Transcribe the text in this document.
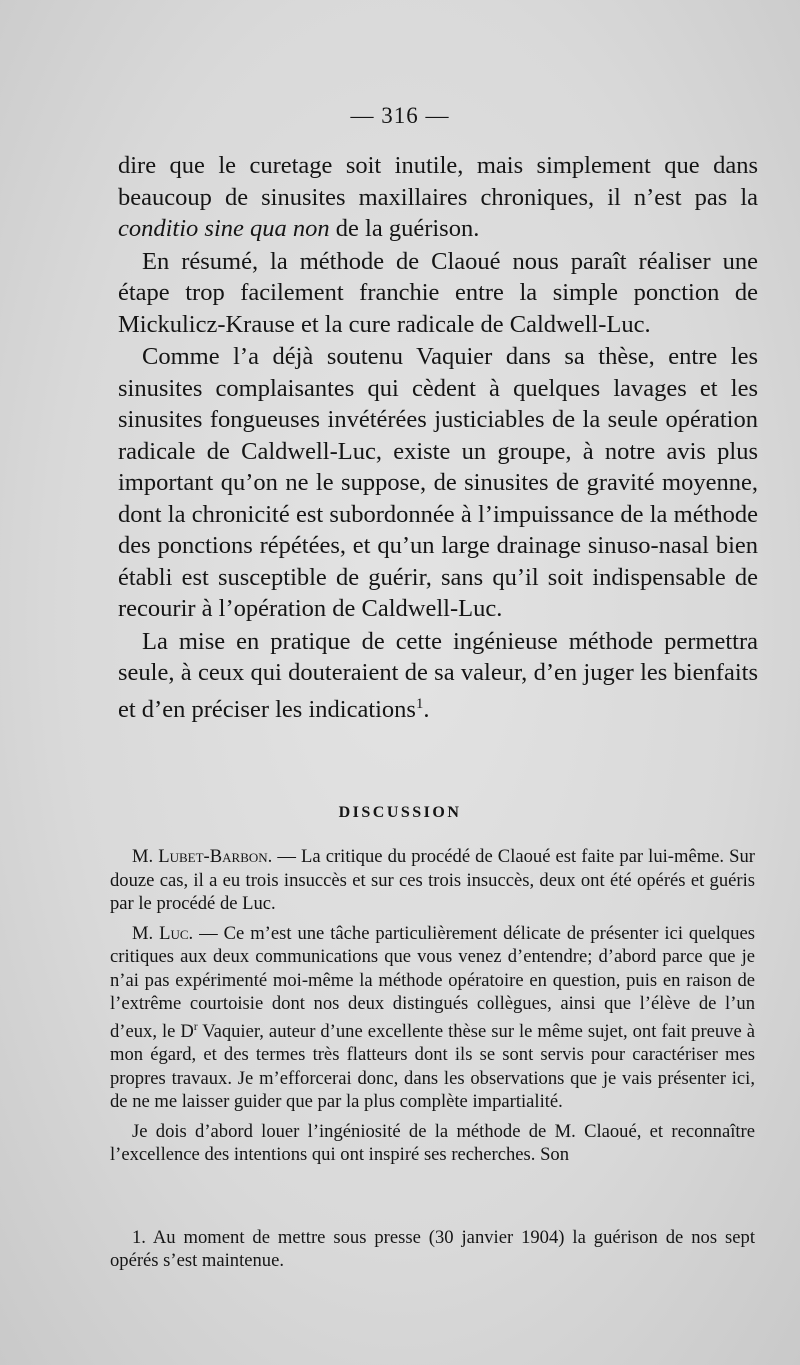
— 316 —

dire que le curetage soit inutile, mais simplement que dans beaucoup de sinusites maxillaires chroniques, il n’est pas la conditio sine qua non de la guérison.

En résumé, la méthode de Claoué nous paraît réaliser une étape trop facilement franchie entre la simple ponction de Mickulicz-Krause et la cure radicale de Caldwell-Luc.

Comme l’a déjà soutenu Vaquier dans sa thèse, entre les sinusites complaisantes qui cèdent à quelques lavages et les sinusites fongueuses invétérées justiciables de la seule opération radicale de Caldwell-Luc, existe un groupe, à notre avis plus important qu’on ne le suppose, de sinusites de gravité moyenne, dont la chronicité est subordonnée à l’impuissance de la méthode des ponctions répétées, et qu’un large drainage sinuso-nasal bien établi est susceptible de guérir, sans qu’il soit indispensable de recourir à l’opération de Caldwell-Luc.

La mise en pratique de cette ingénieuse méthode permettra seule, à ceux qui douteraient de sa valeur, d’en juger les bienfaits et d’en préciser les indications$^1$.

DISCUSSION

M. Lubet-Barbon. — La critique du procédé de Claoué est faite par lui-même. Sur douze cas, il a eu trois insuccès et sur ces trois insuccès, deux ont été opérés et guéris par le procédé de Luc.

M. Luc. — Ce m’est une tâche particulièrement délicate de présenter ici quelques critiques aux deux communications que vous venez d’entendre; d’abord parce que je n’ai pas expérimenté moi-même la méthode opératoire en question, puis en raison de l’extrême courtoisie dont nos deux distingués collègues, ainsi que l’élève de l’un d’eux, le $D^r$ Vaquier, auteur d’une excellente thèse sur le même sujet, ont fait preuve à mon égard, et des termes très flatteurs dont ils se sont servis pour caractériser mes propres travaux. Je m’efforcerai donc, dans les observations que je vais présenter ici, de ne me laisser guider que par la plus complète impartialité.

Je dois d’abord louer l’ingéniosité de la méthode de M. Claoué, et reconnaître l’excellence des intentions qui ont inspiré ses recherches. Son

1. Au moment de mettre sous presse (30 janvier 1904) la guérison de nos sept opérés s’est maintenue.
